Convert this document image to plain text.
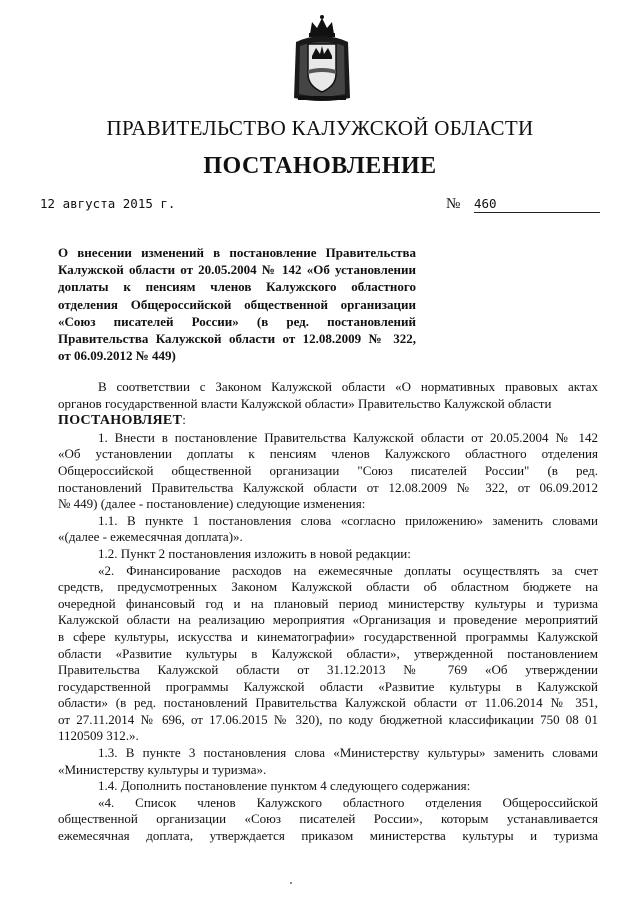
ПРАВИТЕЛЬСТВО КАЛУЖСКОЙ ОБЛАСТИ
ПОСТАНОВЛЕНИЕ
12 августа 2015 г.	№ 460
О внесении изменений в постановление Правительства
Калужской области от 20.05.2004 № 142 «Об установлении
доплаты к пенсиям членов Калужского областного
отделения Общероссийской общественной организации
«Союз писателей России» (в ред. постановлений
Правительства Калужской области от 12.08.2009 № 322,
от 06.09.2012 № 449)
В соответствии с Законом Калужской области «О нормативных правовых актах
органов государственной власти Калужской области» Правительство Калужской области
ПОСТАНОВЛЯЕТ:
1. Внести в постановление Правительства Калужской области от 20.05.2004 № 142
«Об установлении доплаты к пенсиям членов Калужского областного отделения
Общероссийской общественной организации "Союз писателей России" (в ред.
постановлений Правительства Калужской области от 12.08.2009 № 322, от 06.09.2012
№ 449) (далее - постановление) следующие изменения:
1.1. В пункте 1 постановления слова «согласно приложению» заменить словами
«(далее - ежемесячная доплата)».
1.2. Пункт 2 постановления изложить в новой редакции:
«2. Финансирование расходов на ежемесячные доплаты осуществлять за счет
средств, предусмотренных Законом Калужской области об областном бюджете на
очередной финансовый год и на плановый период министерству культуры и туризма
Калужской области на реализацию мероприятия «Организация и проведение мероприятий
в сфере культуры, искусства и кинематографии» государственной программы Калужской
области «Развитие культуры в Калужской области», утвержденной постановлением
Правительства Калужской области от 31.12.2013 № 769 «Об утверждении
государственной программы Калужской области «Развитие культуры в Калужской
области» (в ред. постановлений Правительства Калужской области от 11.06.2014 № 351,
от 27.11.2014 № 696, от 17.06.2015 № 320), по коду бюджетной классификации 750 08 01
1120509 312.».
1.3. В пункте 3 постановления слова «Министерству культуры» заменить словами
«Министерству культуры и туризма».
1.4. Дополнить постановление пунктом 4 следующего содержания:
«4. Список членов Калужского областного отделения Общероссийской
общественной организации «Союз писателей России», которым устанавливается
ежемесячная доплата, утверждается приказом министерства культуры и туризма
